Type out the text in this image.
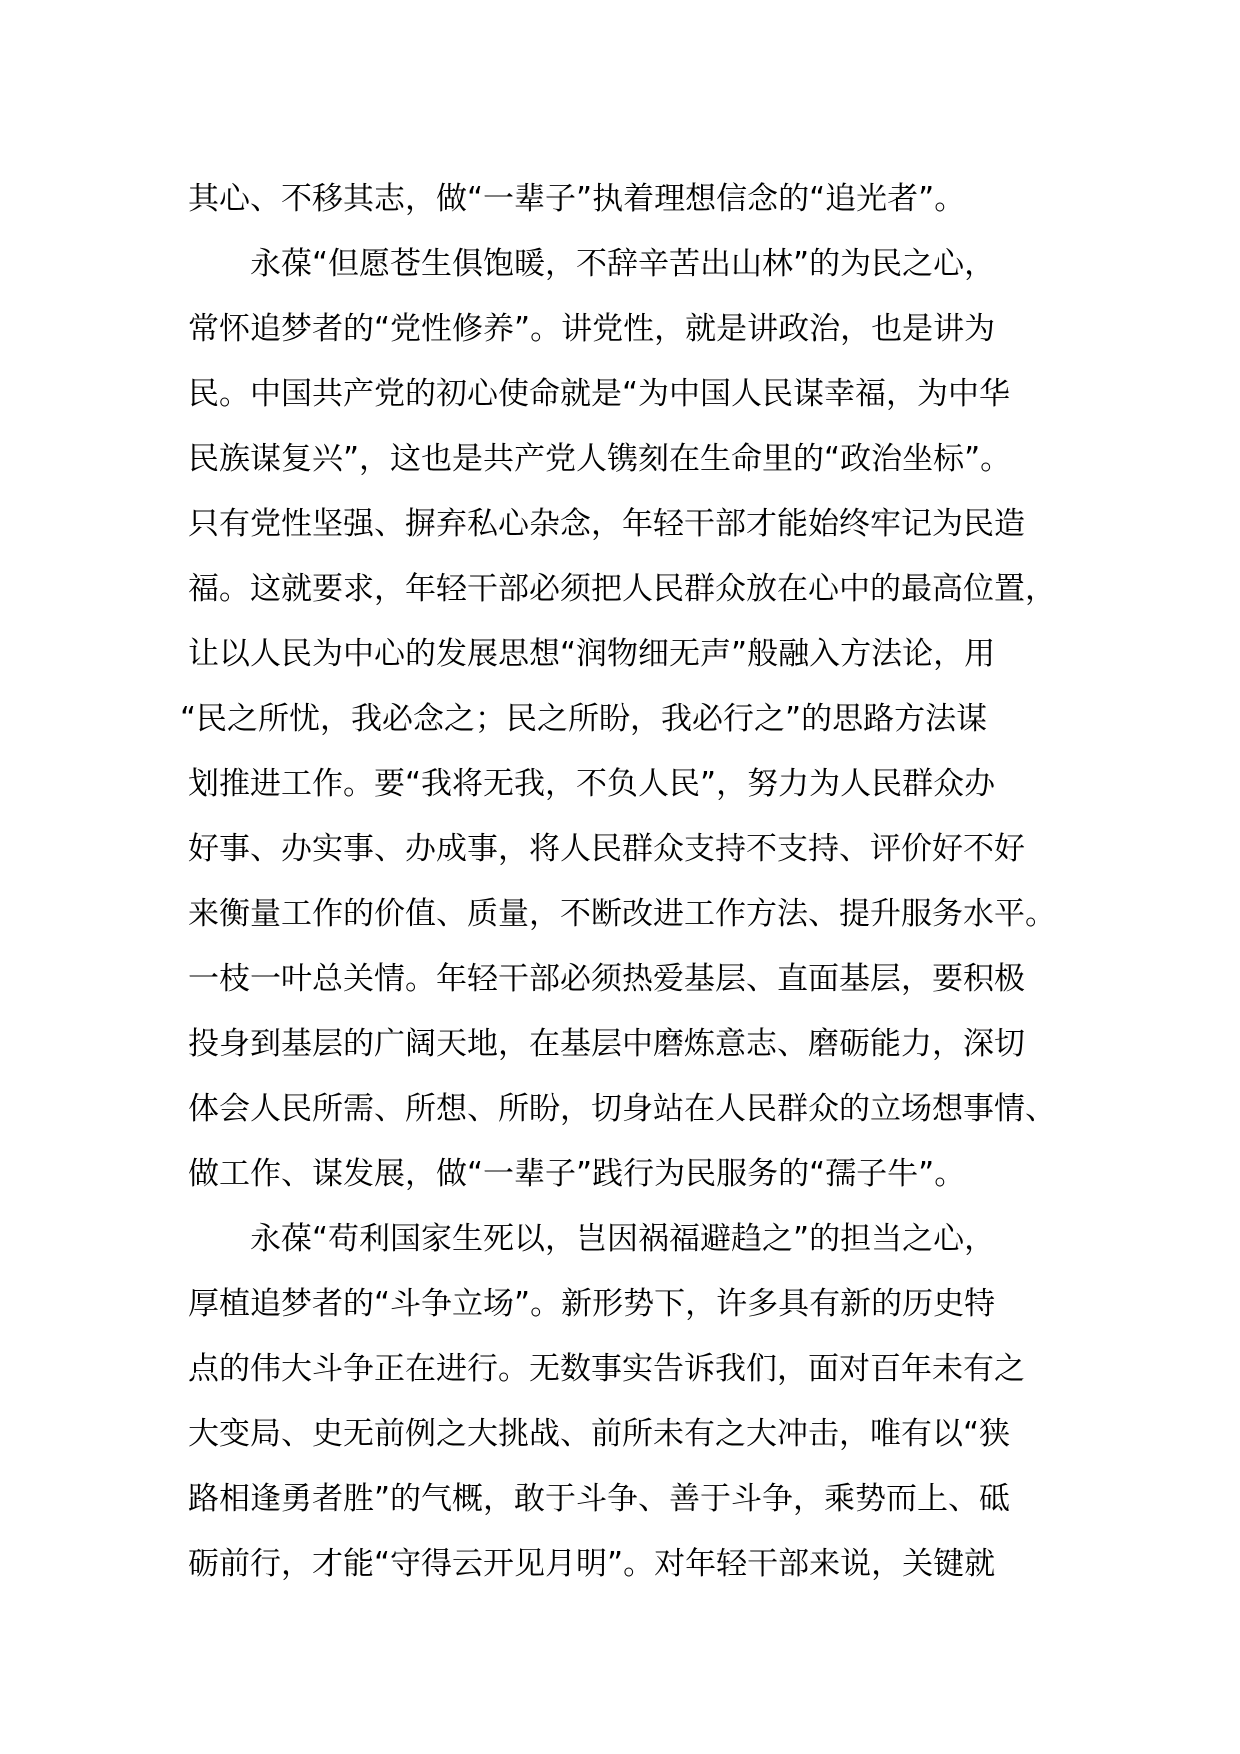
其心、不移其志，做“一辈子”执着理想信念的“追光者”。
永葆“但愿苍生俱饱暖，不辞辛苦出山林”的为民之心，
常怀追梦者的“党性修养”。讲党性，就是讲政治，也是讲为
民。中国共产党的初心使命就是“为中国人民谋幸福，为中华
民族谋复兴”，这也是共产党人镌刻在生命里的“政治坐标”。
只有党性坚强、摒弃私心杂念，年轻干部才能始终牢记为民造
福。这就要求，年轻干部必须把人民群众放在心中的最高位置，
让以人民为中心的发展思想“润物细无声”般融入方法论，用
“民之所忧，我必念之；民之所盼，我必行之”的思路方法谋
划推进工作。要“我将无我，不负人民”，努力为人民群众办
好事、办实事、办成事，将人民群众支持不支持、评价好不好
来衡量工作的价值、质量，不断改进工作方法、提升服务水平。
一枝一叶总关情。年轻干部必须热爱基层、直面基层，要积极
投身到基层的广阔天地，在基层中磨炼意志、磨砺能力，深切
体会人民所需、所想、所盼，切身站在人民群众的立场想事情、
做工作、谋发展，做“一辈子”践行为民服务的“孺子牛”。
永葆“苟利国家生死以，岂因祸福避趋之”的担当之心，
厚植追梦者的“斗争立场”。新形势下，许多具有新的历史特
点的伟大斗争正在进行。无数事实告诉我们，面对百年未有之
大变局、史无前例之大挑战、前所未有之大冲击，唯有以“狭
路相逢勇者胜”的气概，敢于斗争、善于斗争，乘势而上、砥
砺前行，才能“守得云开见月明”。对年轻干部来说，关键就
